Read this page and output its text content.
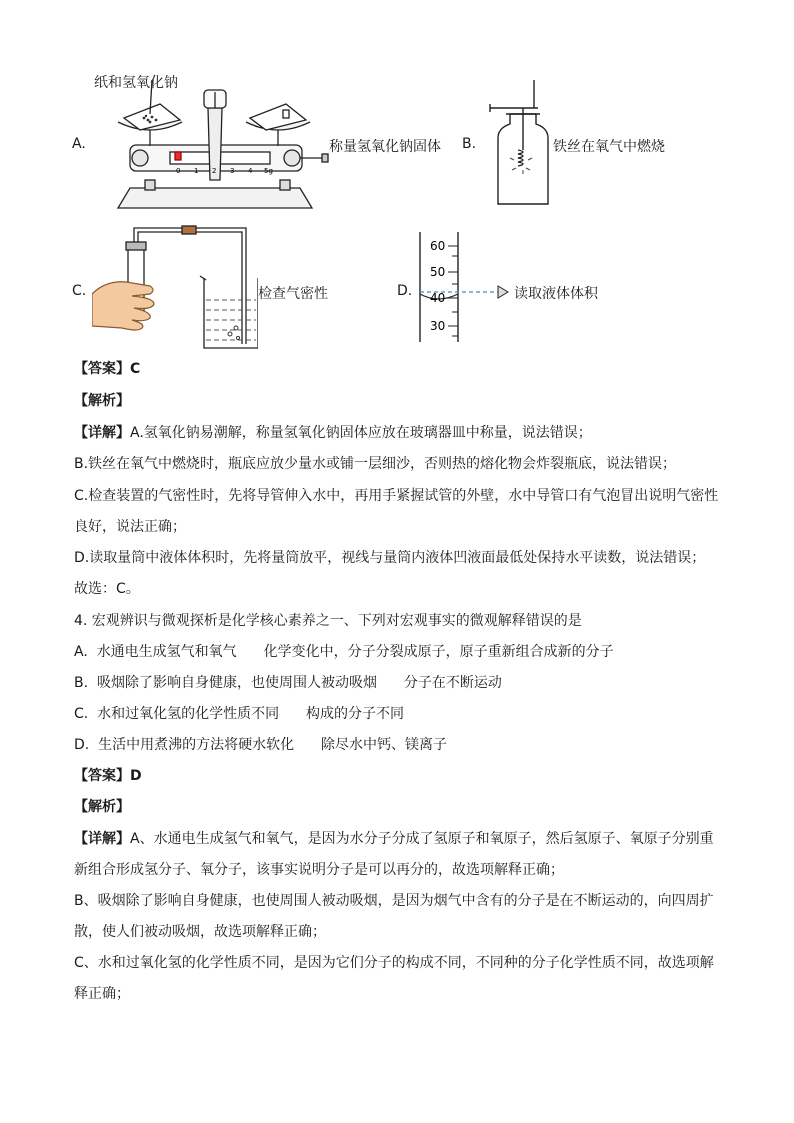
纸和氢氧化钠
A.	称量氢氧化钠固体
0 1 2 3 4 5g
B.	铁丝在氧气中燃烧
C.	检查气密性	D.	读取液体体积
60
50
40
30
【答案】C
【解析】
【详解】A.氢氧化钠易潮解，称量氢氧化钠固体应放在玻璃器皿中称量，说法错误；
B.铁丝在氧气中燃烧时，瓶底应放少量水或铺一层细沙，否则热的熔化物会炸裂瓶底，说法错误；
C.检查装置的气密性时，先将导管伸入水中，再用手紧握试管的外壁，水中导管口有气泡冒出说明气密性
良好，说法正确；
D.读取量筒中液体体积时，先将量筒放平，视线与量筒内液体凹液面最低处保持水平读数，说法错误；
故选：C。
4. 宏观辨识与微观探析是化学核心素养之一、下列对宏观事实的微观解释错误的是
A. 水通电生成氢气和氧气 化学变化中，分子分裂成原子，原子重新组合成新的分子
B. 吸烟除了影响自身健康，也使周围人被动吸烟 分子在不断运动
C. 水和过氧化氢的化学性质不同 构成的分子不同
D. 生活中用煮沸的方法将硬水软化 除尽水中钙、镁离子
【答案】D
【解析】
【详解】A、水通电生成氢气和氧气，是因为水分子分成了氢原子和氧原子，然后氢原子、氧原子分别重
新组合形成氢分子、氧分子，该事实说明分子是可以再分的，故选项解释正确；
B、吸烟除了影响自身健康，也使周围人被动吸烟，是因为烟气中含有的分子是在不断运动的，向四周扩
散，使人们被动吸烟，故选项解释正确；
C、水和过氧化氢的化学性质不同，是因为它们分子的构成不同，不同种的分子化学性质不同，故选项解
释正确；
